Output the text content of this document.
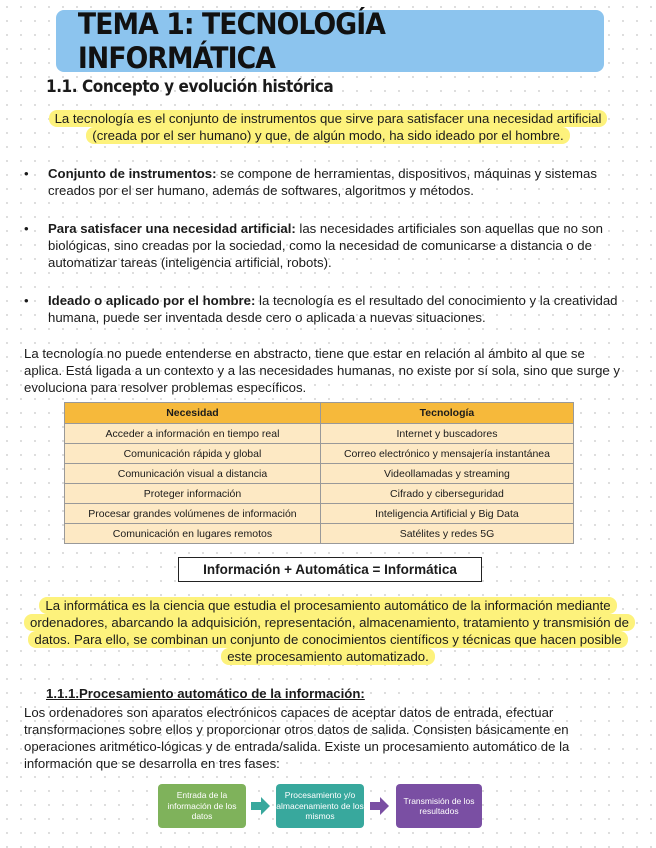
TEMA 1: TECNOLOGÍA INFORMÁTICA
1.1. Concepto y evolución histórica
La tecnología es el conjunto de instrumentos que sirve para satisfacer una necesidad artificial (creada por el ser humano) y que, de algún modo, ha sido ideado por el hombre.
• Conjunto de instrumentos: se compone de herramientas, dispositivos, máquinas y sistemas creados por el ser humano, además de softwares, algoritmos y métodos.
• Para satisfacer una necesidad artificial: las necesidades artificiales son aquellas que no son biológicas, sino creadas por la sociedad, como la necesidad de comunicarse a distancia o de automatizar tareas (inteligencia artificial, robots).
• Ideado o aplicado por el hombre: la tecnología es el resultado del conocimiento y la creatividad humana, puede ser inventada desde cero o aplicada a nuevas situaciones.
La tecnología no puede entenderse en abstracto, tiene que estar en relación al ámbito al que se aplica. Está ligada a un contexto y a las necesidades humanas, no existe por sí sola, sino que surge y evoluciona para resolver problemas específicos.
Necesidad	Tecnología
Acceder a información en tiempo real	Internet y buscadores
Comunicación rápida y global	Correo electrónico y mensajería instantánea
Comunicación visual a distancia	Videollamadas y streaming
Proteger información	Cifrado y ciberseguridad
Procesar grandes volúmenes de información	Inteligencia Artificial y Big Data
Comunicación en lugares remotos	Satélites y redes 5G
Información + Automática = Informática
La informática es la ciencia que estudia el procesamiento automático de la información mediante ordenadores, abarcando la adquisición, representación, almacenamiento, tratamiento y transmisión de datos. Para ello, se combinan un conjunto de conocimientos científicos y técnicas que hacen posible este procesamiento automatizado.
1.1.1.Procesamiento automático de la información:
Los ordenadores son aparatos electrónicos capaces de aceptar datos de entrada, efectuar transformaciones sobre ellos y proporcionar otros datos de salida. Consisten básicamente en operaciones aritmético-lógicas y de entrada/salida. Existe un procesamiento automático de la información que se desarrolla en tres fases:
Entrada de la información de los datos
Procesamiento y/o almacenamiento de los mismos
Transmisión de los resultados
